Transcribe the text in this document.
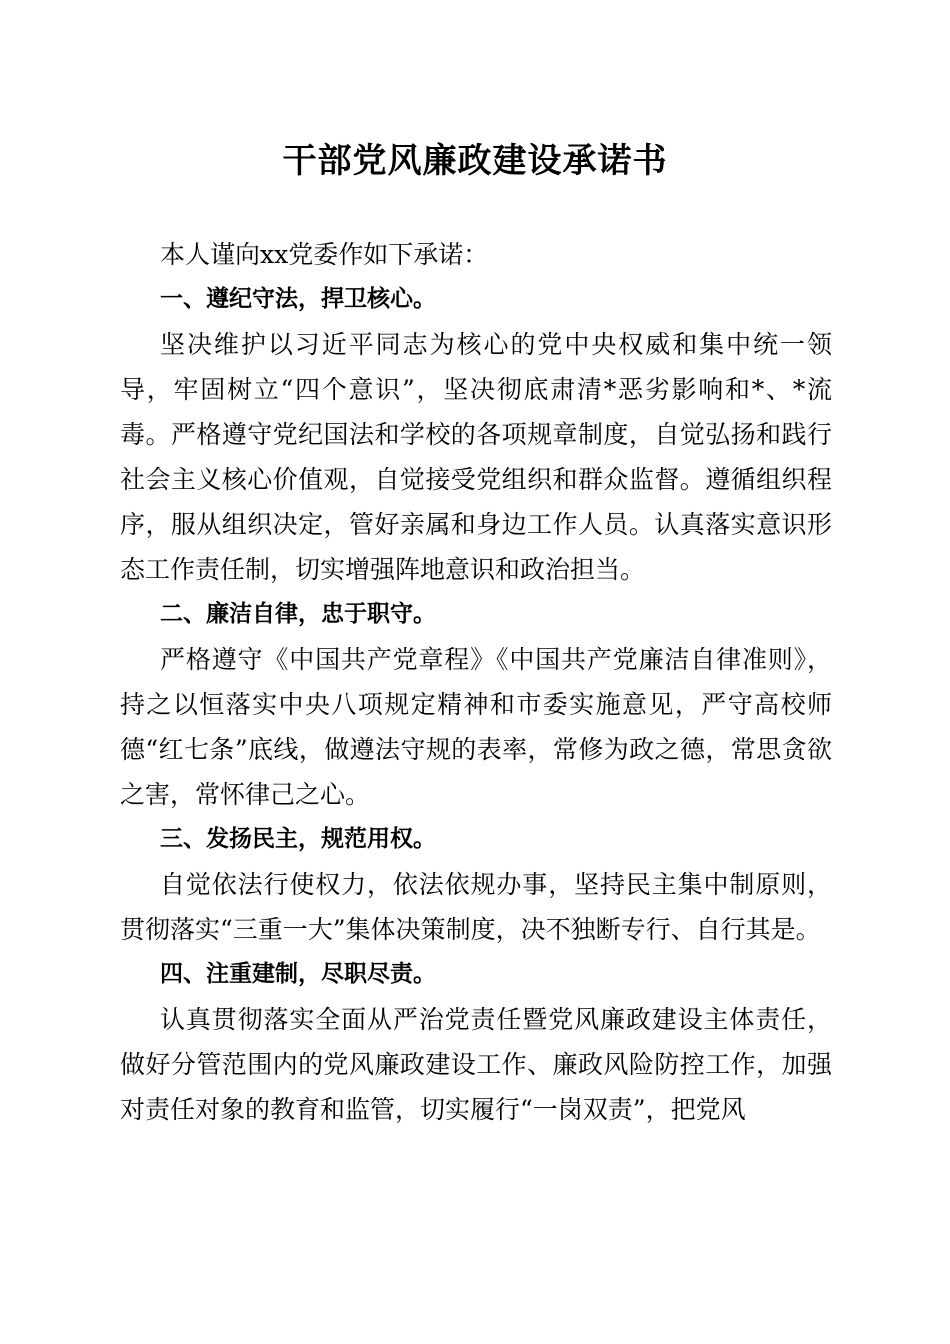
干部党风廉政建设承诺书

本人谨向xx党委作如下承诺：

一、遵纪守法，捍卫核心。

坚决维护以习近平同志为核心的党中央权威和集中统一领导，牢固树立“四个意识”，坚决彻底肃清*恶劣影响和*、*流毒。严格遵守党纪国法和学校的各项规章制度，自觉弘扬和践行社会主义核心价值观，自觉接受党组织和群众监督。遵循组织程序，服从组织决定，管好亲属和身边工作人员。认真落实意识形态工作责任制，切实增强阵地意识和政治担当。

二、廉洁自律，忠于职守。

严格遵守《中国共产党章程》《中国共产党廉洁自律准则》，持之以恒落实中央八项规定精神和市委实施意见，严守高校师德“红七条”底线，做遵法守规的表率，常修为政之德，常思贪欲之害，常怀律己之心。

三、发扬民主，规范用权。

自觉依法行使权力，依法依规办事，坚持民主集中制原则，贯彻落实“三重一大”集体决策制度，决不独断专行、自行其是。

四、注重建制，尽职尽责。

认真贯彻落实全面从严治党责任暨党风廉政建设主体责任，做好分管范围内的党风廉政建设工作、廉政风险防控工作，加强对责任对象的教育和监管，切实履行“一岗双责”，把党风
